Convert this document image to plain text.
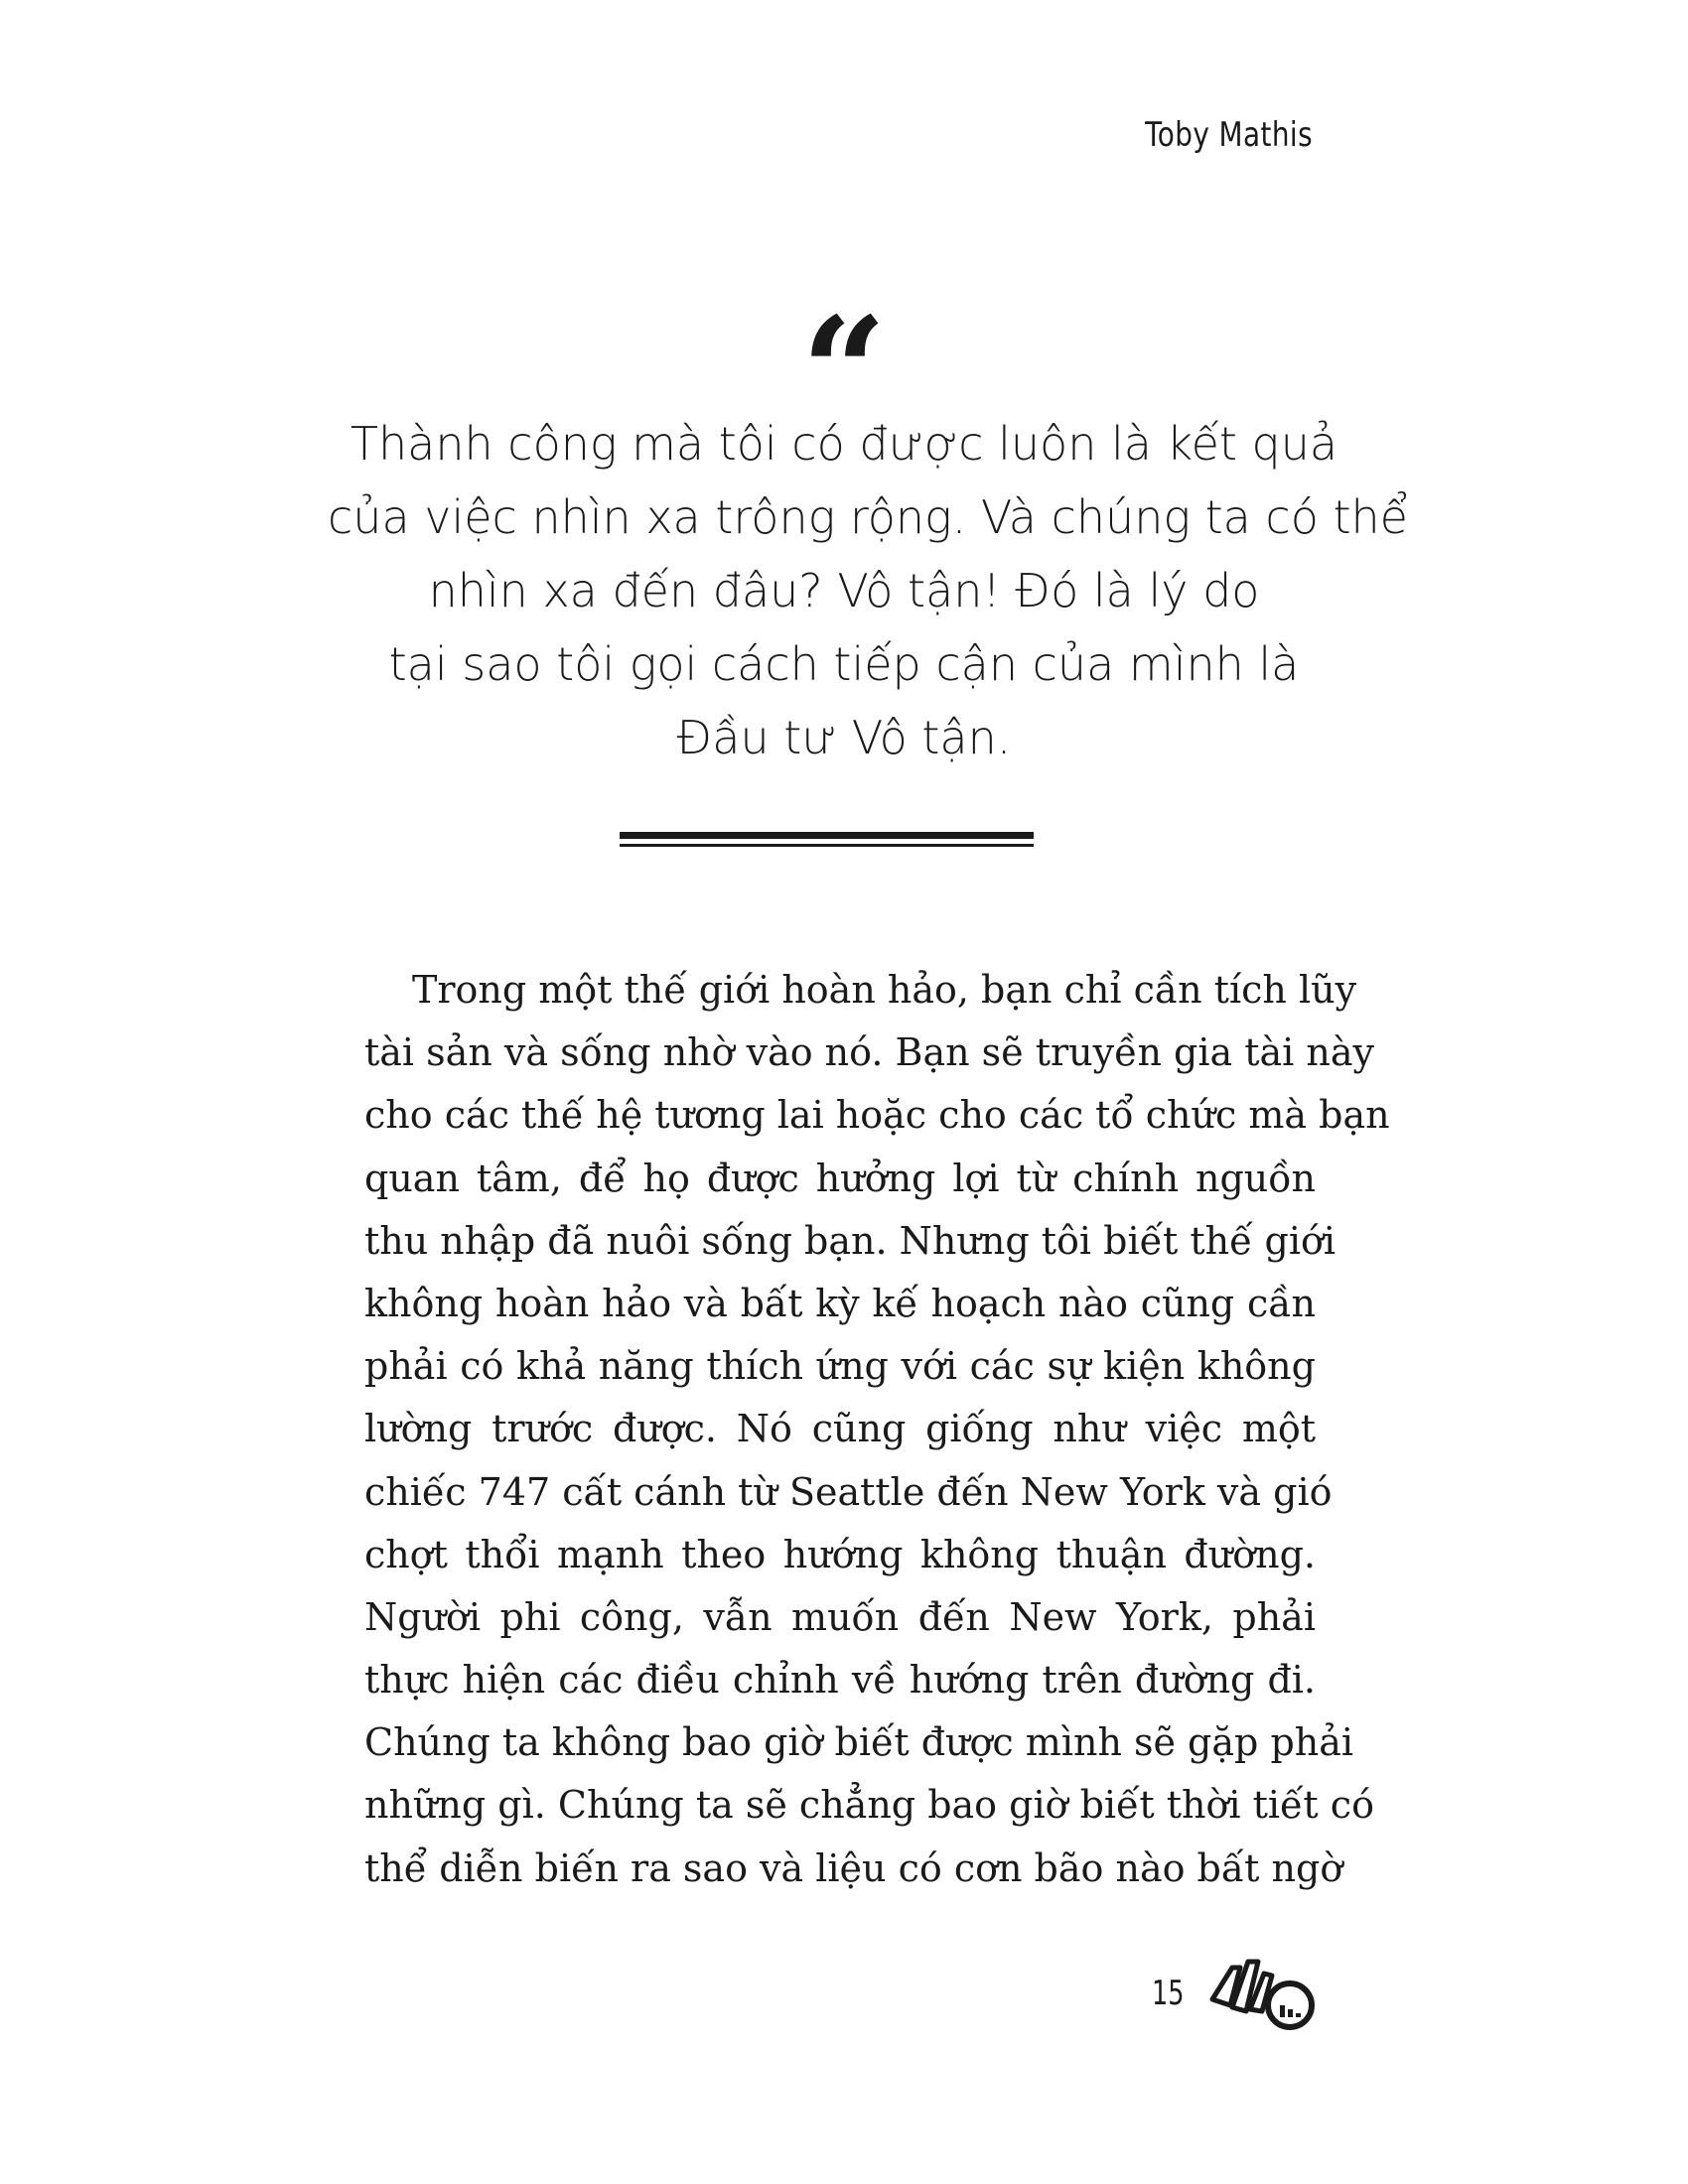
Toby Mathis
“
Thành công mà tôi có được luôn là kết quả
của việc nhìn xa trông rộng. Và chúng ta có thể
nhìn xa đến đâu? Vô tận! Đó là lý do
tại sao tôi gọi cách tiếp cận của mình là
Đầu tư Vô tận.
Trong một thế giới hoàn hảo, bạn chỉ cần tích lũy
tài sản và sống nhờ vào nó. Bạn sẽ truyền gia tài này
cho các thế hệ tương lai hoặc cho các tổ chức mà bạn
quan tâm, để họ được hưởng lợi từ chính nguồn
thu nhập đã nuôi sống bạn. Nhưng tôi biết thế giới
không hoàn hảo và bất kỳ kế hoạch nào cũng cần
phải có khả năng thích ứng với các sự kiện không
lường trước được. Nó cũng giống như việc một
chiếc 747 cất cánh từ Seattle đến New York và gió
chợt thổi mạnh theo hướng không thuận đường.
Người phi công, vẫn muốn đến New York, phải
thực hiện các điều chỉnh về hướng trên đường đi.
Chúng ta không bao giờ biết được mình sẽ gặp phải
những gì. Chúng ta sẽ chẳng bao giờ biết thời tiết có
thể diễn biến ra sao và liệu có cơn bão nào bất ngờ
15
